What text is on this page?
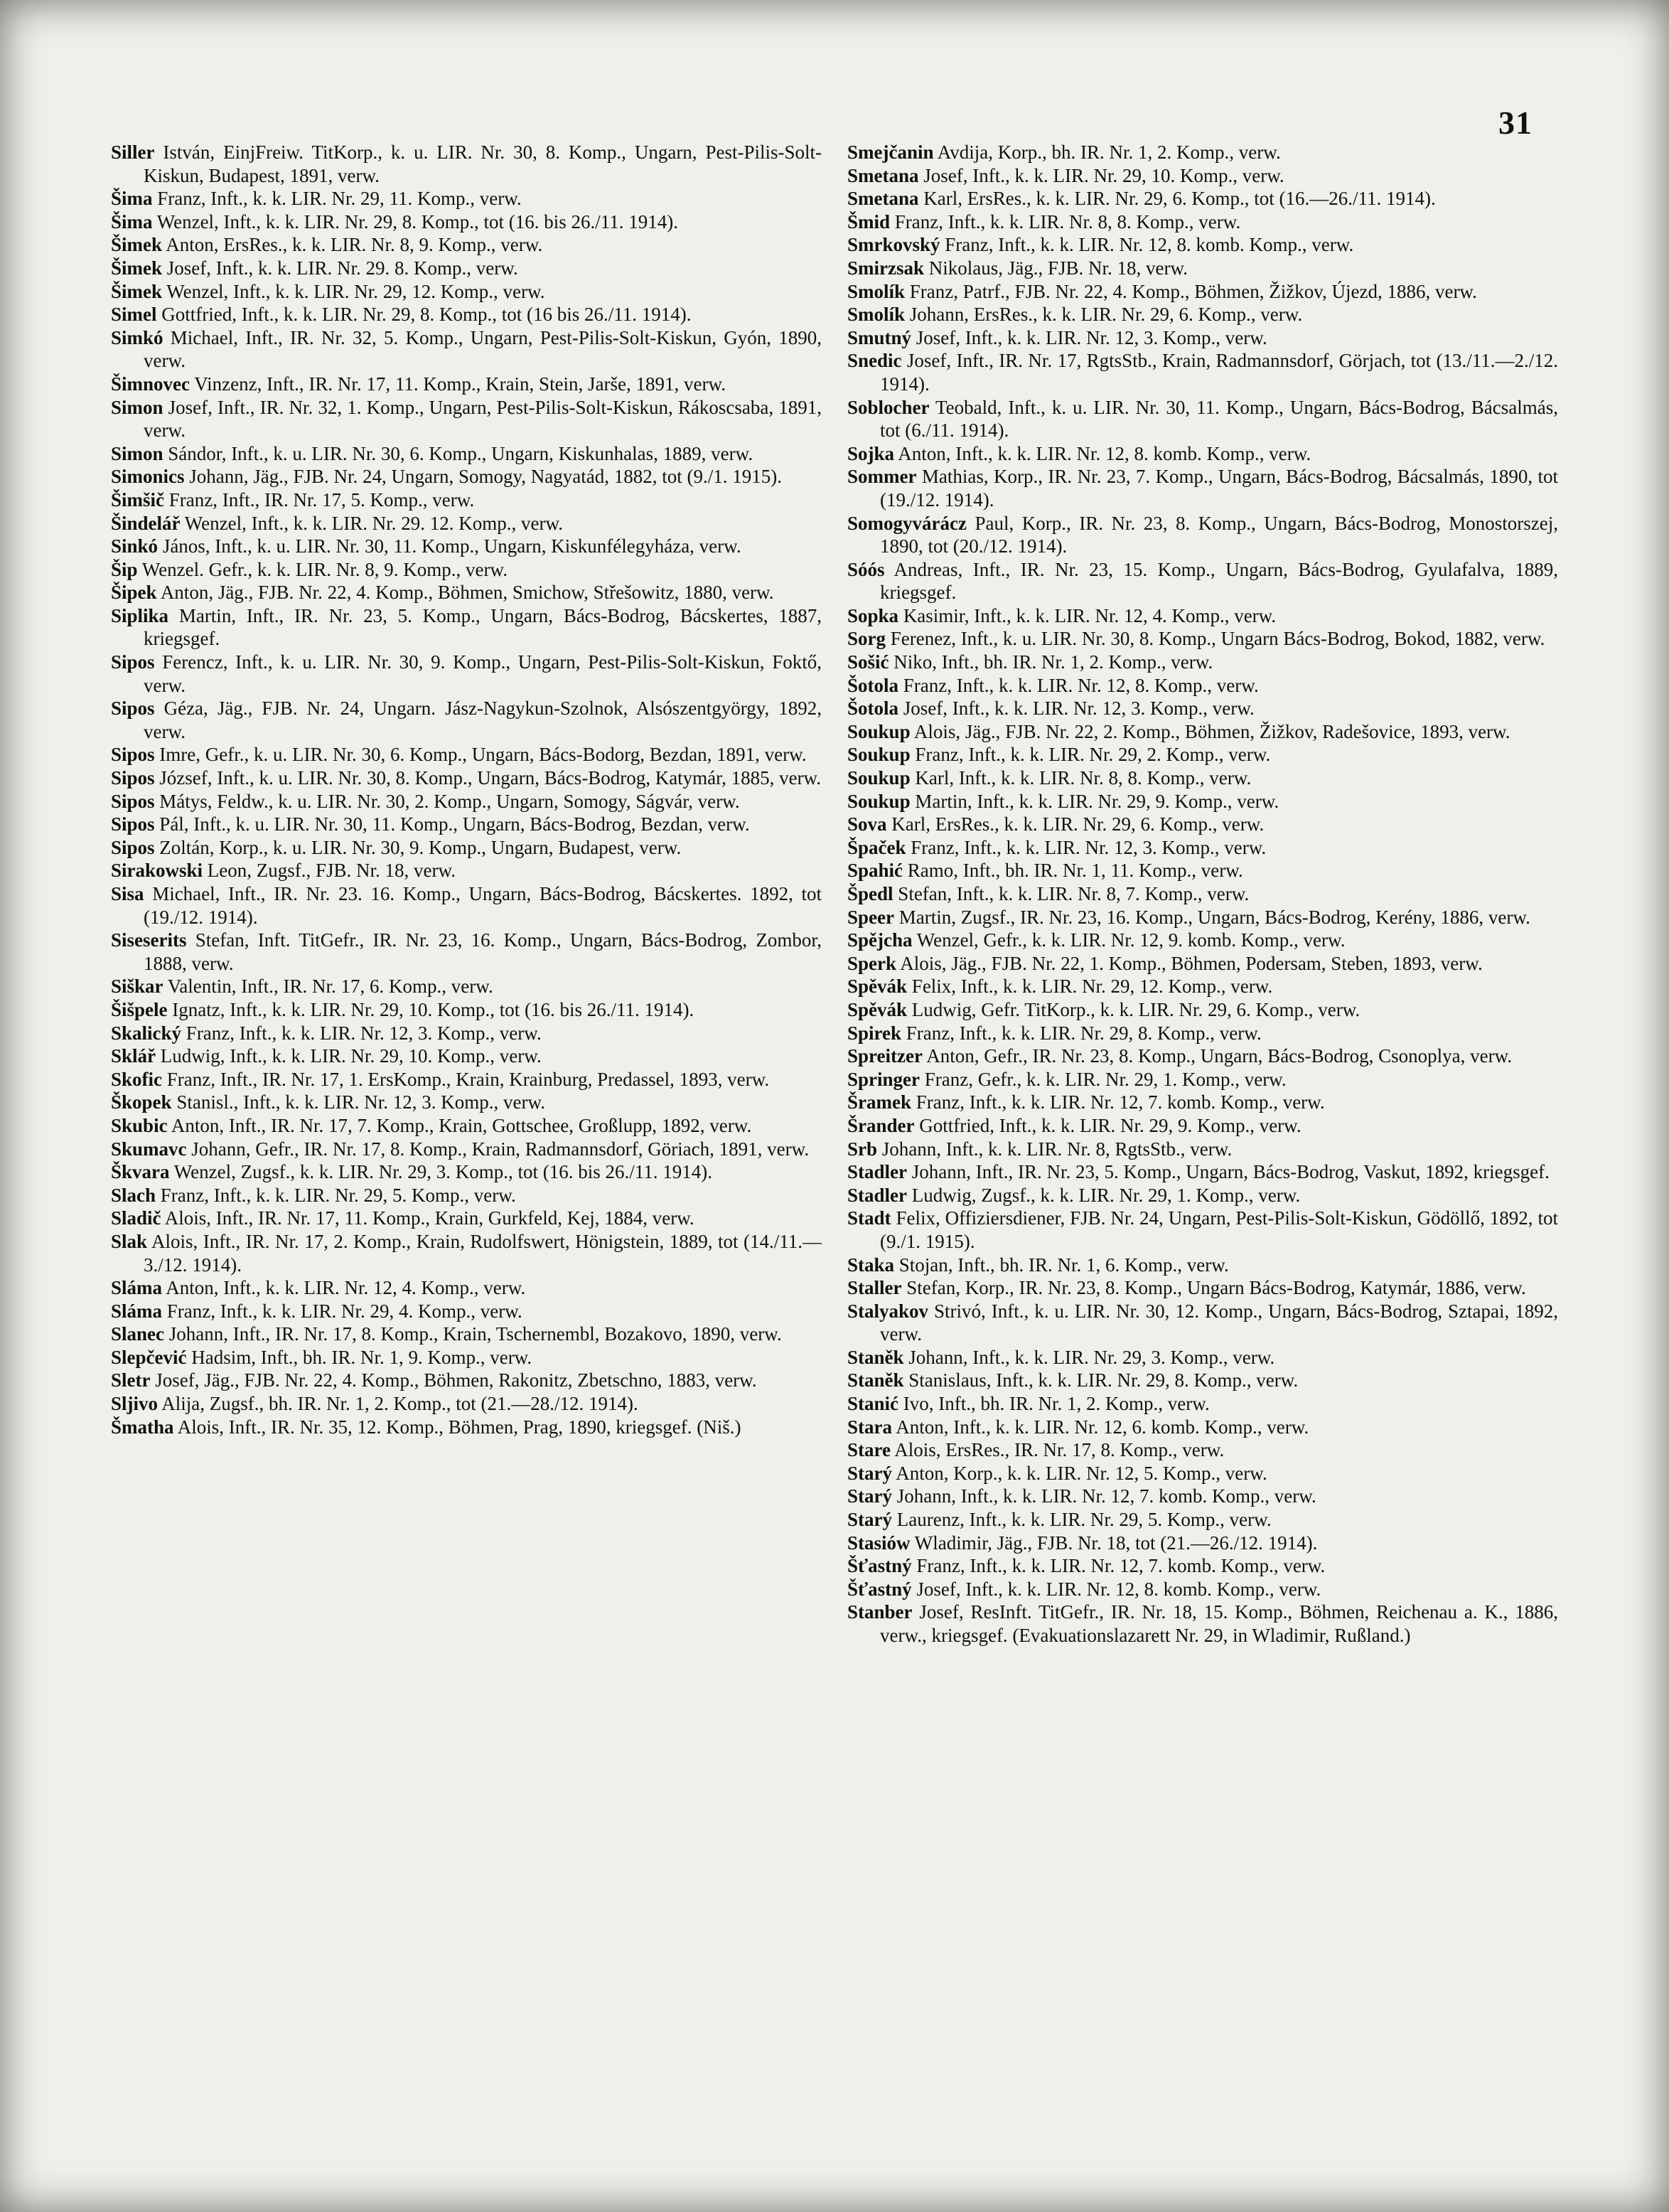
31

Siller István, EinjFreiw. TitKorp., k. u. LIR. Nr. 30, 8. Komp., Ungarn, Pest-Pilis-Solt-Kiskun, Budapest, 1891, verw.

Šima Franz, Inft., k. k. LIR. Nr. 29, 11. Komp., verw.

Šima Wenzel, Inft., k. k. LIR. Nr. 29, 8. Komp., tot (16. bis 26./11. 1914).

Šimek Anton, ErsRes., k. k. LIR. Nr. 8, 9. Komp., verw.

Šimek Josef, Inft., k. k. LIR. Nr. 29. 8. Komp., verw.

Šimek Wenzel, Inft., k. k. LIR. Nr. 29, 12. Komp., verw.

Simel Gottfried, Inft., k. k. LIR. Nr. 29, 8. Komp., tot (16 bis 26./11. 1914).

Simkó Michael, Inft., IR. Nr. 32, 5. Komp., Ungarn, Pest-Pilis-Solt-Kiskun, Gyón, 1890, verw.

Šimnovec Vinzenz, Inft., IR. Nr. 17, 11. Komp., Krain, Stein, Jarše, 1891, verw.

Simon Josef, Inft., IR. Nr. 32, 1. Komp., Ungarn, Pest-Pilis-Solt-Kiskun, Rákoscsaba, 1891, verw.

Simon Sándor, Inft., k. u. LIR. Nr. 30, 6. Komp., Ungarn, Kiskunhalas, 1889, verw.

Simonics Johann, Jäg., FJB. Nr. 24, Ungarn, Somogy, Nagyatád, 1882, tot (9./1. 1915).

Šimšič Franz, Inft., IR. Nr. 17, 5. Komp., verw.

Šindelář Wenzel, Inft., k. k. LIR. Nr. 29. 12. Komp., verw.

Sinkó János, Inft., k. u. LIR. Nr. 30, 11. Komp., Ungarn, Kiskunfélegyháza, verw.

Šip Wenzel. Gefr., k. k. LIR. Nr. 8, 9. Komp., verw.

Šipek Anton, Jäg., FJB. Nr. 22, 4. Komp., Böhmen, Smichow, Střešowitz, 1880, verw.

Siplika Martin, Inft., IR. Nr. 23, 5. Komp., Ungarn, Bács-Bodrog, Bácskertes, 1887, kriegsgef.

Sipos Ferencz, Inft., k. u. LIR. Nr. 30, 9. Komp., Ungarn, Pest-Pilis-Solt-Kiskun, Foktő, verw.

Sipos Géza, Jäg., FJB. Nr. 24, Ungarn. Jász-Nagykun-Szolnok, Alsószentgyörgy, 1892, verw.

Sipos Imre, Gefr., k. u. LIR. Nr. 30, 6. Komp., Ungarn, Bács-Bodorg, Bezdan, 1891, verw.

Sipos József, Inft., k. u. LIR. Nr. 30, 8. Komp., Ungarn, Bács-Bodrog, Katymár, 1885, verw.

Sipos Mátys, Feldw., k. u. LIR. Nr. 30, 2. Komp., Ungarn, Somogy, Ságvár, verw.

Sipos Pál, Inft., k. u. LIR. Nr. 30, 11. Komp., Ungarn, Bács-Bodrog, Bezdan, verw.

Sipos Zoltán, Korp., k. u. LIR. Nr. 30, 9. Komp., Ungarn, Budapest, verw.

Sirakowski Leon, Zugsf., FJB. Nr. 18, verw.

Sisa Michael, Inft., IR. Nr. 23. 16. Komp., Ungarn, Bács-Bodrog, Bácskertes. 1892, tot (19./12. 1914).

Siseserits Stefan, Inft. TitGefr., IR. Nr. 23, 16. Komp., Ungarn, Bács-Bodrog, Zombor, 1888, verw.

Siškar Valentin, Inft., IR. Nr. 17, 6. Komp., verw.

Šišpele Ignatz, Inft., k. k. LIR. Nr. 29, 10. Komp., tot (16. bis 26./11. 1914).

Skalický Franz, Inft., k. k. LIR. Nr. 12, 3. Komp., verw.

Sklář Ludwig, Inft., k. k. LIR. Nr. 29, 10. Komp., verw.

Skofic Franz, Inft., IR. Nr. 17, 1. ErsKomp., Krain, Krainburg, Predassel, 1893, verw.

Škopek Stanisl., Inft., k. k. LIR. Nr. 12, 3. Komp., verw.

Skubic Anton, Inft., IR. Nr. 17, 7. Komp., Krain, Gottschee, Großlupp, 1892, verw.

Skumavc Johann, Gefr., IR. Nr. 17, 8. Komp., Krain, Radmannsdorf, Göriach, 1891, verw.

Škvara Wenzel, Zugsf., k. k. LIR. Nr. 29, 3. Komp., tot (16. bis 26./11. 1914).

Slach Franz, Inft., k. k. LIR. Nr. 29, 5. Komp., verw.

Sladič Alois, Inft., IR. Nr. 17, 11. Komp., Krain, Gurkfeld, Kej, 1884, verw.

Slak Alois, Inft., IR. Nr. 17, 2. Komp., Krain, Rudolfswert, Hönigstein, 1889, tot (14./11.—3./12. 1914).

Sláma Anton, Inft., k. k. LIR. Nr. 12, 4. Komp., verw.

Sláma Franz, Inft., k. k. LIR. Nr. 29, 4. Komp., verw.

Slanec Johann, Inft., IR. Nr. 17, 8. Komp., Krain, Tschernembl, Bozakovo, 1890, verw.

Slepčević Hadsim, Inft., bh. IR. Nr. 1, 9. Komp., verw.

Sletr Josef, Jäg., FJB. Nr. 22, 4. Komp., Böhmen, Rakonitz, Zbetschno, 1883, verw.

Sljivo Alija, Zugsf., bh. IR. Nr. 1, 2. Komp., tot (21.—28./12. 1914).

Šmatha Alois, Inft., IR. Nr. 35, 12. Komp., Böhmen, Prag, 1890, kriegsgef. (Niš.)

Smejčanin Avdija, Korp., bh. IR. Nr. 1, 2. Komp., verw.

Smetana Josef, Inft., k. k. LIR. Nr. 29, 10. Komp., verw.

Smetana Karl, ErsRes., k. k. LIR. Nr. 29, 6. Komp., tot (16.—26./11. 1914).

Šmid Franz, Inft., k. k. LIR. Nr. 8, 8. Komp., verw.

Smrkovský Franz, Inft., k. k. LIR. Nr. 12, 8. komb. Komp., verw.

Smirzsak Nikolaus, Jäg., FJB. Nr. 18, verw.

Smolík Franz, Patrf., FJB. Nr. 22, 4. Komp., Böhmen, Žižkov, Újezd, 1886, verw.

Smolík Johann, ErsRes., k. k. LIR. Nr. 29, 6. Komp., verw.

Smutný Josef, Inft., k. k. LIR. Nr. 12, 3. Komp., verw.

Snedic Josef, Inft., IR. Nr. 17, RgtsStb., Krain, Radmannsdorf, Görjach, tot (13./11.—2./12. 1914).

Soblocher Teobald, Inft., k. u. LIR. Nr. 30, 11. Komp., Ungarn, Bács-Bodrog, Bácsalmás, tot (6./11. 1914).

Sojka Anton, Inft., k. k. LIR. Nr. 12, 8. komb. Komp., verw.

Sommer Mathias, Korp., IR. Nr. 23, 7. Komp., Ungarn, Bács-Bodrog, Bácsalmás, 1890, tot (19./12. 1914).

Somogyvárácz Paul, Korp., IR. Nr. 23, 8. Komp., Ungarn, Bács-Bodrog, Monostorszej, 1890, tot (20./12. 1914).

Sóós Andreas, Inft., IR. Nr. 23, 15. Komp., Ungarn, Bács-Bodrog, Gyulafalva, 1889, kriegsgef.

Sopka Kasimir, Inft., k. k. LIR. Nr. 12, 4. Komp., verw.

Sorg Ferenez, Inft., k. u. LIR. Nr. 30, 8. Komp., Ungarn Bács-Bodrog, Bokod, 1882, verw.

Sošić Niko, Inft., bh. IR. Nr. 1, 2. Komp., verw.

Šotola Franz, Inft., k. k. LIR. Nr. 12, 8. Komp., verw.

Šotola Josef, Inft., k. k. LIR. Nr. 12, 3. Komp., verw.

Soukup Alois, Jäg., FJB. Nr. 22, 2. Komp., Böhmen, Žižkov, Radešovice, 1893, verw.

Soukup Franz, Inft., k. k. LIR. Nr. 29, 2. Komp., verw.

Soukup Karl, Inft., k. k. LIR. Nr. 8, 8. Komp., verw.

Soukup Martin, Inft., k. k. LIR. Nr. 29, 9. Komp., verw.

Sova Karl, ErsRes., k. k. LIR. Nr. 29, 6. Komp., verw.

Špaček Franz, Inft., k. k. LIR. Nr. 12, 3. Komp., verw.

Spahić Ramo, Inft., bh. IR. Nr. 1, 11. Komp., verw.

Špedl Stefan, Inft., k. k. LIR. Nr. 8, 7. Komp., verw.

Speer Martin, Zugsf., IR. Nr. 23, 16. Komp., Ungarn, Bács-Bodrog, Kerény, 1886, verw.

Spějcha Wenzel, Gefr., k. k. LIR. Nr. 12, 9. komb. Komp., verw.

Sperk Alois, Jäg., FJB. Nr. 22, 1. Komp., Böhmen, Podersam, Steben, 1893, verw.

Spěvák Felix, Inft., k. k. LIR. Nr. 29, 12. Komp., verw.

Spěvák Ludwig, Gefr. TitKorp., k. k. LIR. Nr. 29, 6. Komp., verw.

Spirek Franz, Inft., k. k. LIR. Nr. 29, 8. Komp., verw.

Spreitzer Anton, Gefr., IR. Nr. 23, 8. Komp., Ungarn, Bács-Bodrog, Csonoplya, verw.

Springer Franz, Gefr., k. k. LIR. Nr. 29, 1. Komp., verw.

Šramek Franz, Inft., k. k. LIR. Nr. 12, 7. komb. Komp., verw.

Šrander Gottfried, Inft., k. k. LIR. Nr. 29, 9. Komp., verw.

Srb Johann, Inft., k. k. LIR. Nr. 8, RgtsStb., verw.

Stadler Johann, Inft., IR. Nr. 23, 5. Komp., Ungarn, Bács-Bodrog, Vaskut, 1892, kriegsgef.

Stadler Ludwig, Zugsf., k. k. LIR. Nr. 29, 1. Komp., verw.

Stadt Felix, Offiziersdiener, FJB. Nr. 24, Ungarn, Pest-Pilis-Solt-Kiskun, Gödöllő, 1892, tot (9./1. 1915).

Staka Stojan, Inft., bh. IR. Nr. 1, 6. Komp., verw.

Staller Stefan, Korp., IR. Nr. 23, 8. Komp., Ungarn Bács-Bodrog, Katymár, 1886, verw.

Stalyakov Strivó, Inft., k. u. LIR. Nr. 30, 12. Komp., Ungarn, Bács-Bodrog, Sztapai, 1892, verw.

Staněk Johann, Inft., k. k. LIR. Nr. 29, 3. Komp., verw.

Staněk Stanislaus, Inft., k. k. LIR. Nr. 29, 8. Komp., verw.

Stanić Ivo, Inft., bh. IR. Nr. 1, 2. Komp., verw.

Stara Anton, Inft., k. k. LIR. Nr. 12, 6. komb. Komp., verw.

Stare Alois, ErsRes., IR. Nr. 17, 8. Komp., verw.

Starý Anton, Korp., k. k. LIR. Nr. 12, 5. Komp., verw.

Starý Johann, Inft., k. k. LIR. Nr. 12, 7. komb. Komp., verw.

Starý Laurenz, Inft., k. k. LIR. Nr. 29, 5. Komp., verw.

Stasiów Wladimir, Jäg., FJB. Nr. 18, tot (21.—26./12. 1914).

Šťastný Franz, Inft., k. k. LIR. Nr. 12, 7. komb. Komp., verw.

Šťastný Josef, Inft., k. k. LIR. Nr. 12, 8. komb. Komp., verw.

Stanber Josef, ResInft. TitGefr., IR. Nr. 18, 15. Komp., Böhmen, Reichenau a. K., 1886, verw., kriegsgef. (Evakuationslazarett Nr. 29, in Wladimir, Rußland.)
